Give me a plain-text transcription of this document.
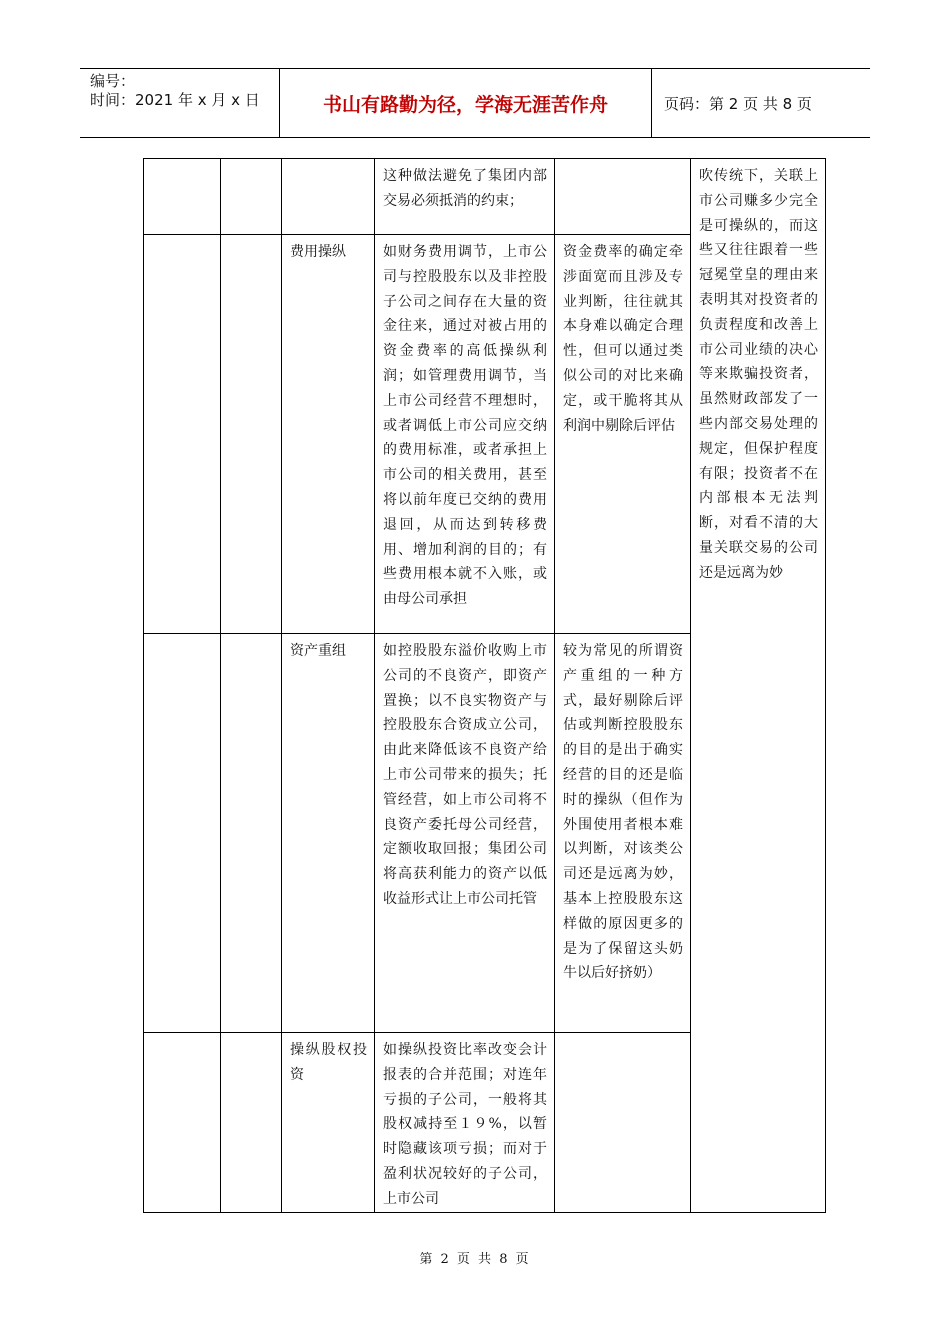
编号：
时间：2021 年 x 月 x 日	书山有路勤为径，学海无涯苦作舟	页码：第 2 页 共 8 页
			这种做法避免了集团内部交易必须抵消的约束；		吹传统下，关联上市公司赚多少完全是可操纵的，而这些又往往跟着一些冠冕堂皇的理由来表明其对投资者的负责程度和改善上市公司业绩的决心等来欺骗投资者，虽然财政部发了一些内部交易处理的规定，但保护程度有限；投资者不在内部根本无法判断，对看不清的大量关联交易的公司还是远离为妙
		费用操纵	如财务费用调节，上市公司与控股股东以及非控股子公司之间存在大量的资金往来，通过对被占用的资金费率的高低操纵利润；如管理费用调节，当上市公司经营不理想时，或者调低上市公司应交纳的费用标准，或者承担上市公司的相关费用，甚至将以前年度已交纳的费用退回，从而达到转移费用、增加利润的目的；有些费用根本就不入账，或由母公司承担	资金费率的确定牵涉面宽而且涉及专业判断，往往就其本身难以确定合理性，但可以通过类似公司的对比来确定，或干脆将其从利润中剔除后评估	
		资产重组	如控股股东溢价收购上市公司的不良资产，即资产置换；以不良实物资产与控股股东合资成立公司，由此来降低该不良资产给上市公司带来的损失；托管经营，如上市公司将不良资产委托母公司经营，定额收取回报；集团公司将高获利能力的资产以低收益形式让上市公司托管	较为常见的所谓资产重组的一种方式，最好剔除后评估或判断控股股东的目的是出于确实经营的目的还是临时的操纵（但作为外围使用者根本难以判断，对该类公司还是远离为妙，基本上控股股东这样做的原因更多的是为了保留这头奶牛以后好挤奶）	
		操纵股权投资	如操纵投资比率改变会计报表的合并范围；对连年亏损的子公司，一般将其股权减持至１９%，以暂时隐藏该项亏损；而对于盈利状况较好的子公司，上市公司		
第 2 页 共 8 页
